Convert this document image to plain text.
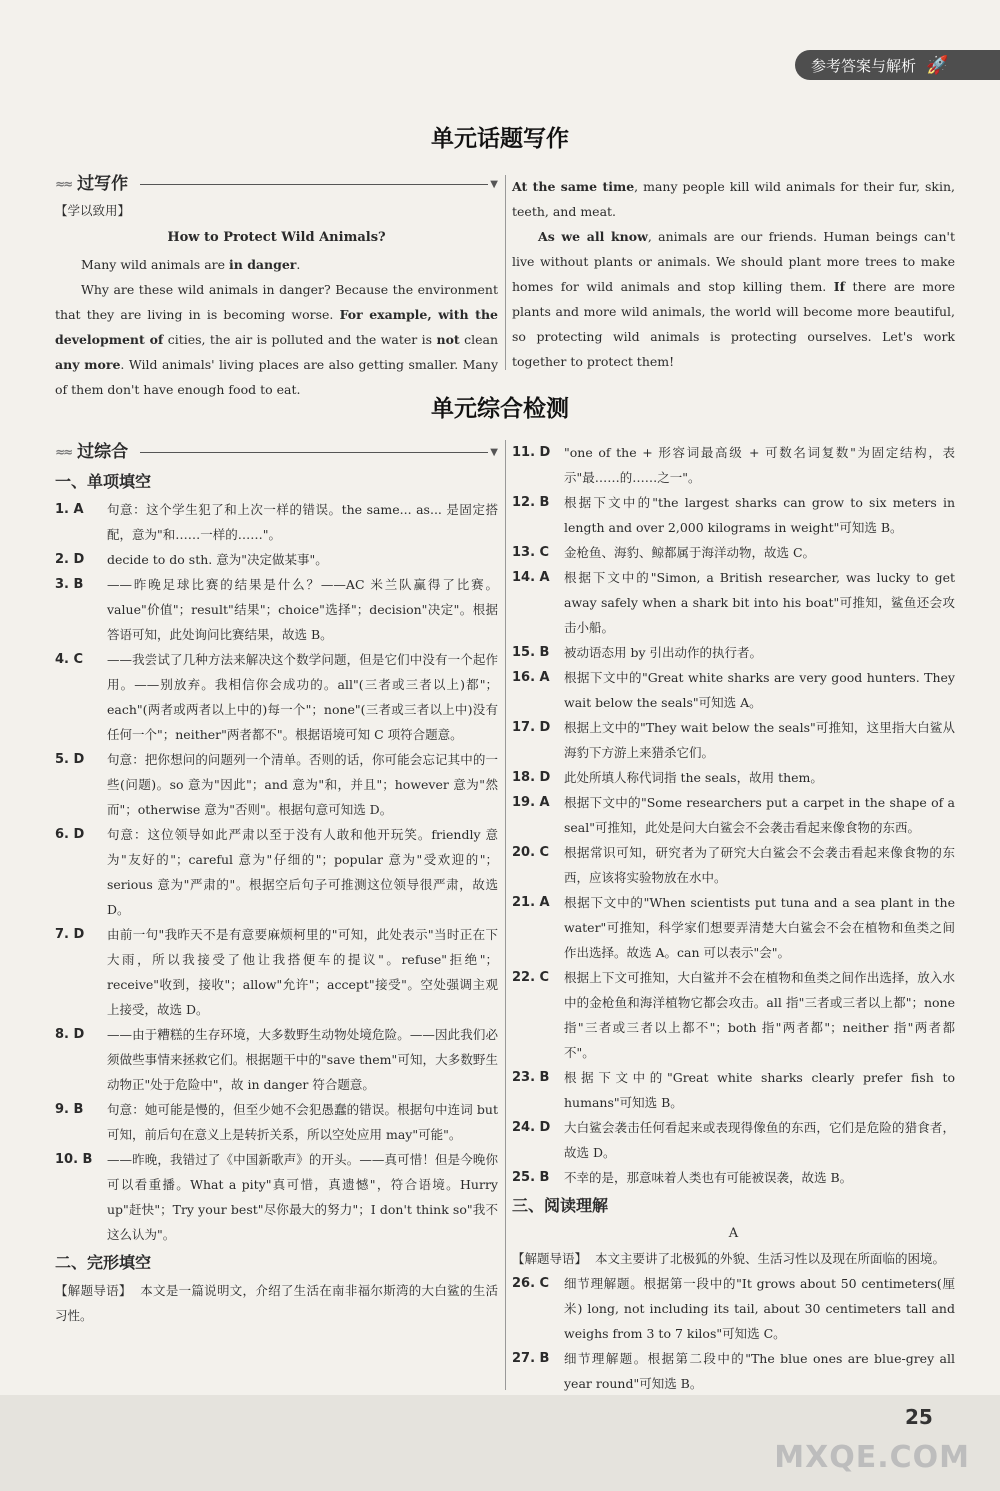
参考答案与解析 🚀
单元话题写作
≈≈ 过写作	▼
【学以致用】
How to Protect Wild Animals?

Many wild animals are in danger.

Why are these wild animals in danger? Because the environment that they are living in is becoming worse. For example, with the development of cities, the air is polluted and the water is not clean any more. Wild animals' living places are also getting smaller. Many of them don't have enough food to eat.

At the same time, many people kill wild animals for their fur, skin, teeth, and meat.

As we all know, animals are our friends. Human beings can't live without plants or animals. We should plant more trees to make homes for wild animals and stop killing them. If there are more plants and more wild animals, the world will become more beautiful, so protecting wild animals is protecting ourselves. Let's work together to protect them!

单元综合检测
≈≈ 过综合	▼
一、单项填空
1. A	句意：这个学生犯了和上次一样的错误。the same... as... 是固定搭配，意为"和……一样的……"。
2. D	decide to do sth. 意为"决定做某事"。
3. B	——昨晚足球比赛的结果是什么？——AC 米兰队赢得了比赛。value"价值"；result"结果"；choice"选择"；decision"决定"。根据答语可知，此处询问比赛结果，故选 B。
4. C	——我尝试了几种方法来解决这个数学问题，但是它们中没有一个起作用。——别放弃。我相信你会成功的。all"(三者或三者以上)都"；each"(两者或两者以上中的)每一个"；none"(三者或三者以上中)没有任何一个"；neither"两者都不"。根据语境可知 C 项符合题意。
5. D	句意：把你想问的问题列一个清单。否则的话，你可能会忘记其中的一些(问题)。so 意为"因此"；and 意为"和，并且"；however 意为"然而"；otherwise 意为"否则"。根据句意可知选 D。
6. D	句意：这位领导如此严肃以至于没有人敢和他开玩笑。friendly 意为"友好的"；careful 意为"仔细的"；popular 意为"受欢迎的"；serious 意为"严肃的"。根据空后句子可推测这位领导很严肃，故选 D。
7. D	由前一句"我昨天不是有意要麻烦柯里的"可知，此处表示"当时正在下大雨，所以我接受了他让我搭便车的提议"。refuse"拒绝"；receive"收到，接收"；allow"允许"；accept"接受"。空处强调主观上接受，故选 D。
8. D	——由于糟糕的生存环境，大多数野生动物处境危险。——因此我们必须做些事情来拯救它们。根据题干中的"save them"可知，大多数野生动物正"处于危险中"，故 in danger 符合题意。
9. B	句意：她可能是慢的，但至少她不会犯愚蠢的错误。根据句中连词 but 可知，前后句在意义上是转折关系，所以空处应用 may"可能"。
10. B	——昨晚，我错过了《中国新歌声》的开头。——真可惜！但是今晚你可以看重播。What a pity"真可惜，真遗憾"，符合语境。Hurry up"赶快"；Try your best"尽你最大的努力"；I don't think so"我不这么认为"。
二、完形填空

【解题导语】 本文是一篇说明文，介绍了生活在南非福尔斯湾的大白鲨的生活习性。

11. D	"one of the + 形容词最高级 + 可数名词复数"为固定结构，表示"最……的……之一"。
12. B	根据下文中的"the largest sharks can grow to six meters in length and over 2,000 kilograms in weight"可知选 B。
13. C	金枪鱼、海豹、鲸都属于海洋动物，故选 C。
14. A	根据下文中的"Simon, a British researcher, was lucky to get away safely when a shark bit into his boat"可推知，鲨鱼还会攻击小船。
15. B	被动语态用 by 引出动作的执行者。
16. A	根据下文中的"Great white sharks are very good hunters. They wait below the seals"可知选 A。
17. D	根据上文中的"They wait below the seals"可推知，这里指大白鲨从海豹下方游上来猎杀它们。
18. D	此处所填人称代词指 the seals，故用 them。
19. A	根据下文中的"Some researchers put a carpet in the shape of a seal"可推知，此处是问大白鲨会不会袭击看起来像食物的东西。
20. C	根据常识可知，研究者为了研究大白鲨会不会袭击看起来像食物的东西，应该将实验物放在水中。
21. A	根据下文中的"When scientists put tuna and a sea plant in the water"可推知，科学家们想要弄清楚大白鲨会不会在植物和鱼类之间作出选择。故选 A。can 可以表示"会"。
22. C	根据上下文可推知，大白鲨并不会在植物和鱼类之间作出选择，放入水中的金枪鱼和海洋植物它都会攻击。all 指"三者或三者以上都"；none 指"三者或三者以上都不"；both 指"两者都"；neither 指"两者都不"。
23. B	根据下文中的"Great white sharks clearly prefer fish to humans"可知选 B。
24. D	大白鲨会袭击任何看起来或表现得像鱼的东西，它们是危险的猎食者，故选 D。
25. B	不幸的是，那意味着人类也有可能被误袭，故选 B。
三、阅读理解
A

【解题导语】 本文主要讲了北极狐的外貌、生活习性以及现在所面临的困境。

26. C	细节理解题。根据第一段中的"It grows about 50 centimeters(厘米) long, not including its tail, about 30 centimeters tall and weighs from 3 to 7 kilos"可知选 C。
27. B	细节理解题。根据第二段中的"The blue ones are blue-grey all year round"可知选 B。
25
MXQE.COM
